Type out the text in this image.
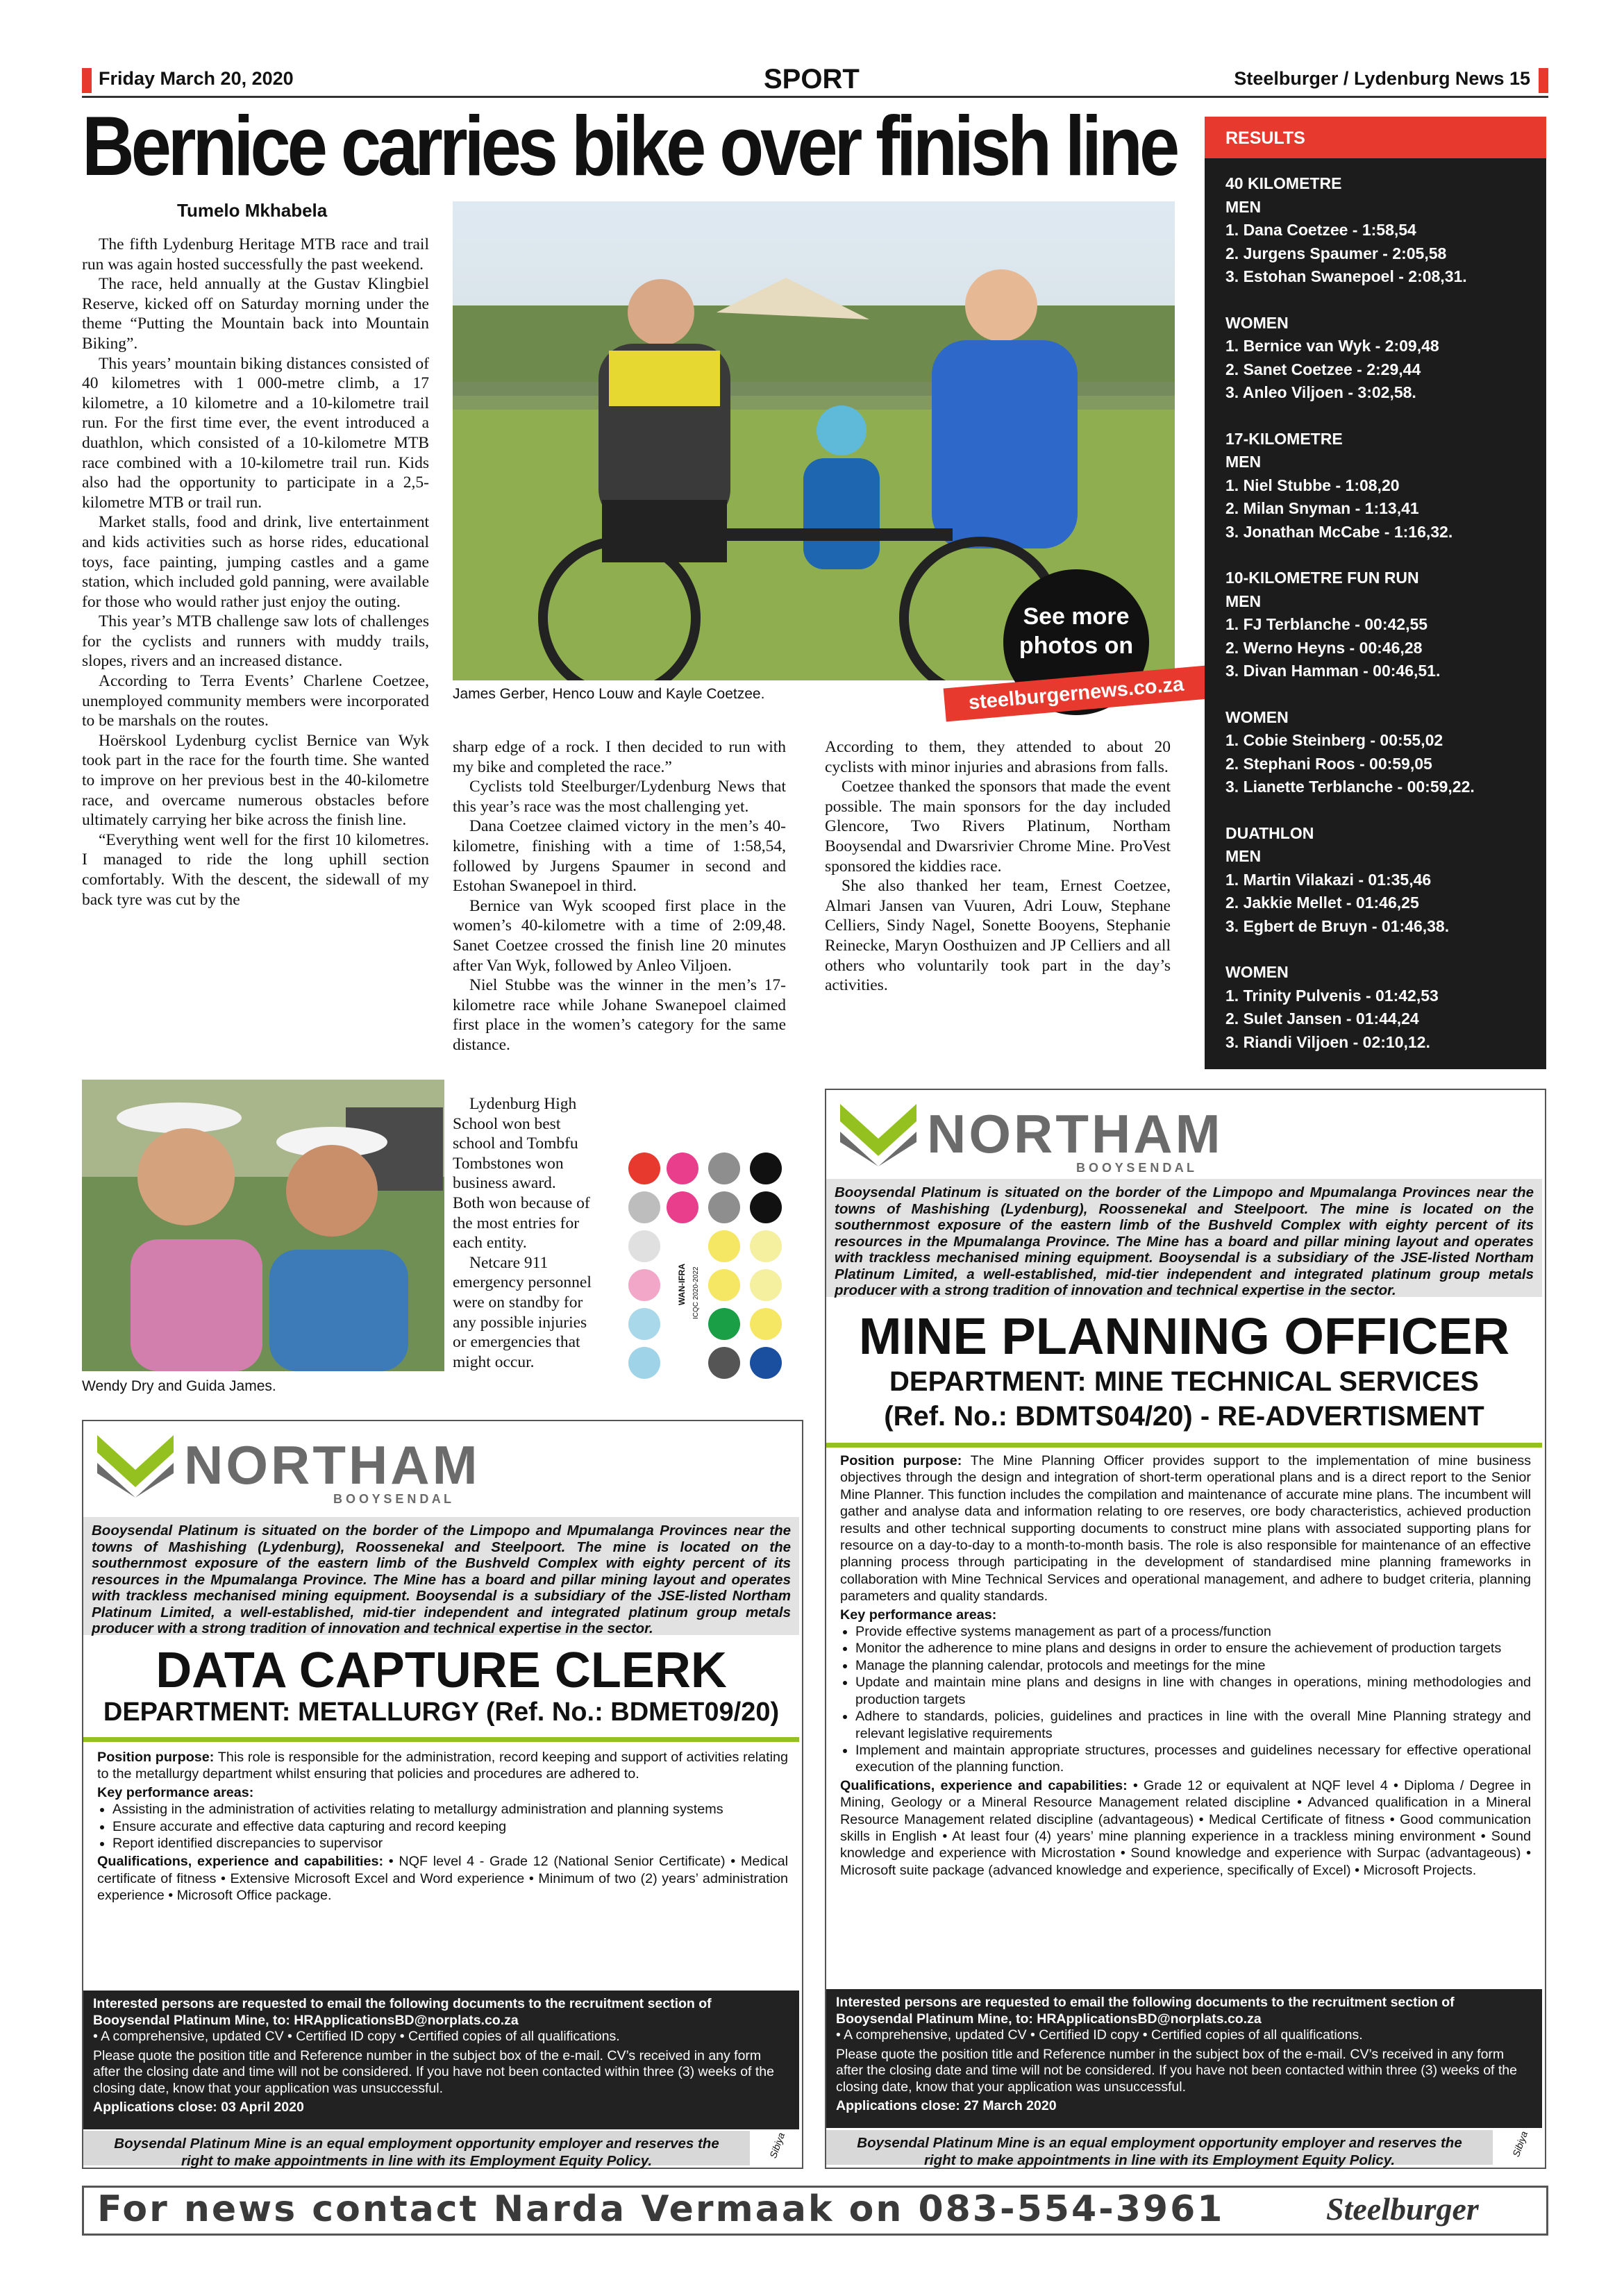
Friday March 20, 2020	SPORT	Steelburger / Lydenburg News 15
Bernice carries bike over finish line
Tumelo Mkhabela

The fifth Lydenburg Heritage MTB race and trail run was again hosted successfully the past weekend.

The race, held annually at the Gustav Klingbiel Reserve, kicked off on Saturday morning under the theme “Putting the Mountain back into Mountain Biking”.

This years’ mountain biking distances consisted of 40 kilometres with 1 000-metre climb, a 17 kilometre, a 10 kilometre and a 10-kilometre trail run. For the first time ever, the event introduced a duathlon, which consisted of a 10-kilometre MTB race combined with a 10-kilometre trail run. Kids also had the opportunity to participate in a 2,5-kilometre MTB or trail run.

Market stalls, food and drink, live entertainment and kids activities such as horse rides, educational toys, face painting, jumping castles and a game station, which included gold panning, were available for those who would rather just enjoy the outing.

This year’s MTB challenge saw lots of challenges for the cyclists and runners with muddy trails, slopes, rivers and an increased distance.

According to Terra Events’ Charlene Coetzee, unemployed community members were incorporated to be marshals on the routes.

Hoërskool Lydenburg cyclist Bernice van Wyk took part in the race for the fourth time. She wanted to improve on her previous best in the 40-kilometre race, and overcame numerous obstacles before ultimately carrying her bike across the finish line.

“Everything went well for the first 10 kilometres. I managed to ride the long uphill section comfortably. With the descent, the sidewall of my back tyre was cut by the

James Gerber, Henco Louw and Kayle Coetzee.
See more
photos on
steelburgernews.co.za

sharp edge of a rock. I then decided to run with my bike and completed the race.”

Cyclists told Steelburger/Lydenburg News that this year’s race was the most challenging yet.

Dana Coetzee claimed victory in the men’s 40-kilometre, finishing with a time of 1:58,54, followed by Jurgens Spaumer in second and Estohan Swanepoel in third.

Bernice van Wyk scooped first place in the women’s 40-kilometre with a time of 2:09,48. Sanet Coetzee crossed the finish line 20 minutes after Van Wyk, followed by Anleo Viljoen.

Niel Stubbe was the winner in the men’s 17-kilometre race while Johane Swanepoel claimed first place in the women’s category for the same distance.

Lydenburg High School won best school and Tombfu Tombstones won business award. Both won because of the most entries for each entity.

Netcare 911 emergency personnel were on standby for any possible injuries or emergencies that might occur.

WAN-IFRA ICQC 2020-2022

According to them, they attended to about 20 cyclists with minor injuries and abrasions from falls.

Coetzee thanked the sponsors that made the event possible. The main sponsors for the day included Glencore, Two Rivers Platinum, Northam Booysendal and Dwarsrivier Chrome Mine. ProVest sponsored the kiddies race.

She also thanked her team, Ernest Coetzee, Almari Jansen van Vuuren, Adri Louw, Stephane Celliers, Sindy Nagel, Sonette Booyens, Stephanie Reinecke, Maryn Oosthuizen and JP Celliers and all others who voluntarily took part in the day’s activities.

Wendy Dry and Guida James.
RESULTS
40 KILOMETRE
MEN
1. Dana Coetzee - 1:58,54
2. Jurgens Spaumer - 2:05,58
3. Estohan Swanepoel - 2:08,31.
WOMEN
1. Bernice van Wyk - 2:09,48
2. Sanet Coetzee - 2:29,44
3. Anleo Viljoen - 3:02,58.
17-KILOMETRE
MEN
1. Niel Stubbe - 1:08,20
2. Milan Snyman - 1:13,41
3. Jonathan McCabe - 1:16,32.
10-KILOMETRE FUN RUN
MEN
1. FJ Terblanche - 00:42,55
2. Werno Heyns - 00:46,28
3. Divan Hamman - 00:46,51.
WOMEN
1. Cobie Steinberg - 00:55,02
2. Stephani Roos - 00:59,05
3. Lianette Terblanche - 00:59,22.
DUATHLON
MEN
1. Martin Vilakazi - 01:35,46
2. Jakkie Mellet - 01:46,25
3. Egbert de Bruyn - 01:46,38.
WOMEN
1. Trinity Pulvenis - 01:42,53
2. Sulet Jansen - 01:44,24
3. Riandi Viljoen - 02:10,12.
NORTHAM
B O O Y S E N D A L
Booysendal Platinum is situated on the border of the Limpopo and Mpumalanga Provinces near the towns of Mashishing (Lydenburg), Roossenekal and Steelpoort. The mine is located on the southernmost exposure of the eastern limb of the Bushveld Complex with eighty percent of its resources in the Mpumalanga Province. The Mine has a board and pillar mining layout and operates with trackless mechanised mining equipment. Booysendal is a subsidiary of the JSE-listed Northam Platinum Limited, a well-established, mid-tier independent and integrated platinum group metals producer with a strong tradition of innovation and technical expertise in the sector.
DATA CAPTURE CLERK
DEPARTMENT: METALLURGY (Ref. No.: BDMET09/20)
Position purpose: This role is responsible for the administration, record keeping and support of activities relating to the metallurgy department whilst ensuring that policies and procedures are adhered to.
Key performance areas:
• Assisting in the administration of activities relating to metallurgy administration and planning systems
• Ensure accurate and effective data capturing and record keeping
• Report identified discrepancies to supervisor
Qualifications, experience and capabilities: • NQF level 4 - Grade 12 (National Senior Certificate) • Medical certificate of fitness • Extensive Microsoft Excel and Word experience • Minimum of two (2) years’ administration experience • Microsoft Office package.
Interested persons are requested to email the following documents to the recruitment section of Booysendal Platinum Mine, to: HRApplicationsBD@norplats.co.za
• A comprehensive, updated CV • Certified ID copy • Certified copies of all qualifications.
Please quote the position title and Reference number in the subject box of the e-mail. CV’s received in any form after the closing date and time will not be considered. If you have not been contacted within three (3) weeks of the closing date, know that your application was unsuccessful.
Applications close: 03 April 2020
Boysendal Platinum Mine is an equal employment opportunity employer and reserves the right to make appointments in line with its Employment Equity Policy.
Sibiya
NORTHAM
B O O Y S E N D A L
Booysendal Platinum is situated on the border of the Limpopo and Mpumalanga Provinces near the towns of Mashishing (Lydenburg), Roossenekal and Steelpoort. The mine is located on the southernmost exposure of the eastern limb of the Bushveld Complex with eighty percent of its resources in the Mpumalanga Province. The Mine has a board and pillar mining layout and operates with trackless mechanised mining equipment. Booysendal is a subsidiary of the JSE-listed Northam Platinum Limited, a well-established, mid-tier independent and integrated platinum group metals producer with a strong tradition of innovation and technical expertise in the sector.
MINE PLANNING OFFICER
DEPARTMENT: MINE TECHNICAL SERVICES
(Ref. No.: BDMTS04/20) - RE-ADVERTISMENT
Position purpose: The Mine Planning Officer provides support to the implementation of mine business objectives through the design and integration of short-term operational plans and is a direct report to the Senior Mine Planner. This function includes the compilation and maintenance of accurate mine plans. The incumbent will gather and analyse data and information relating to ore reserves, ore body characteristics, achieved production results and other technical supporting documents to construct mine plans with associated supporting plans for resource on a day-to-day to a month-to-month basis. The role is also responsible for maintenance of an effective planning process through participating in the development of standardised mine planning frameworks in collaboration with Mine Technical Services and operational management, and adhere to budget criteria, planning parameters and quality standards.
Key performance areas:
• Provide effective systems management as part of a process/function
• Monitor the adherence to mine plans and designs in order to ensure the achievement of production targets
• Manage the planning calendar, protocols and meetings for the mine
• Update and maintain mine plans and designs in line with changes in operations, mining methodologies and production targets
• Adhere to standards, policies, guidelines and practices in line with the overall Mine Planning strategy and relevant legislative requirements
• Implement and maintain appropriate structures, processes and guidelines necessary for effective operational execution of the planning function.
Qualifications, experience and capabilities: • Grade 12 or equivalent at NQF level 4 • Diploma / Degree in Mining, Geology or a Mineral Resource Management related discipline • Advanced qualification in a Mineral Resource Management related discipline (advantageous) • Medical Certificate of fitness • Good communication skills in English • At least four (4) years’ mine planning experience in a trackless mining environment • Sound knowledge and experience with Microstation • Sound knowledge and experience with Surpac (advantageous) • Microsoft suite package (advanced knowledge and experience, specifically of Excel) • Microsoft Projects.
Interested persons are requested to email the following documents to the recruitment section of Booysendal Platinum Mine, to: HRApplicationsBD@norplats.co.za
• A comprehensive, updated CV • Certified ID copy • Certified copies of all qualifications.
Please quote the position title and Reference number in the subject box of the e-mail. CV’s received in any form after the closing date and time will not be considered. If you have not been contacted within three (3) weeks of the closing date, know that your application was unsuccessful.
Applications close: 27 March 2020
Boysendal Platinum Mine is an equal employment opportunity employer and reserves the right to make appointments in line with its Employment Equity Policy.
Sibiya
For news contact Narda Vermaak on 083-554-3961	Steelburger
